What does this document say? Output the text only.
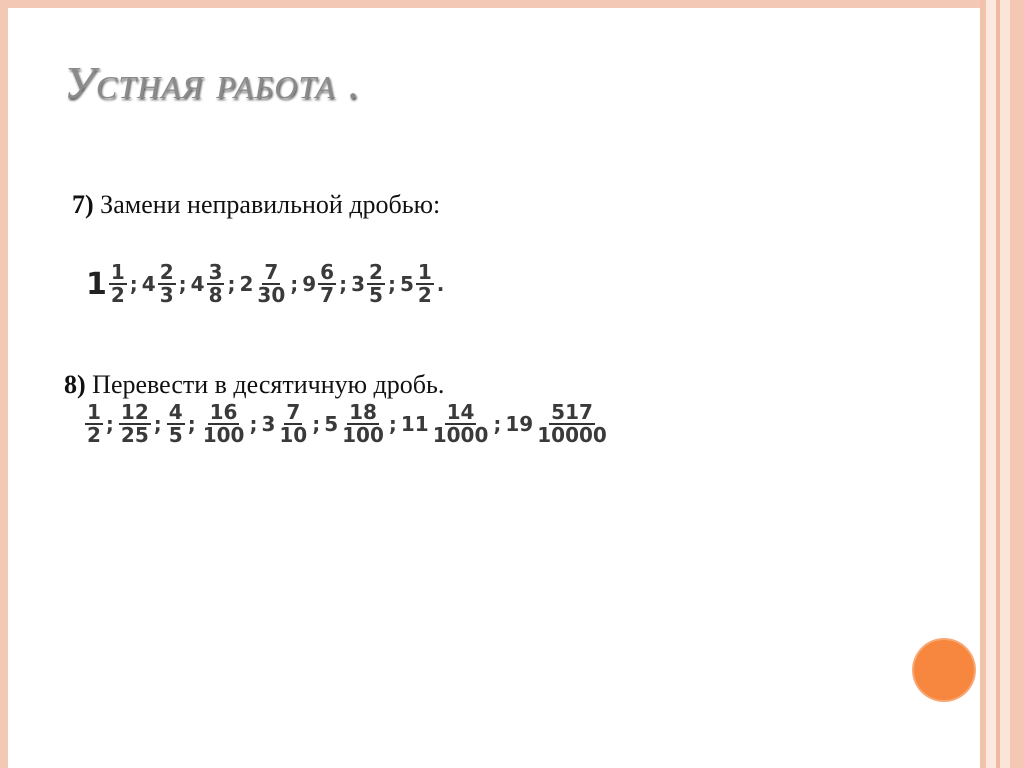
Устная работа .
7) Замени неправильной дробью:
$1 \frac{1}{2}$ ; $4 \frac{2}{3}$ ; $4 \frac{3}{8}$ ; $2 \frac{7}{30}$ ; $9 \frac{6}{7}$ ; $3 \frac{2}{5}$ ; $5 \frac{1}{2}$ .
8) Перевести в десятичную дробь.
$\frac{1}{2}$ ; $\frac{12}{25}$ ; $\frac{4}{5}$ ; $\frac{16}{100}$ ; $3 \frac{7}{10}$ ; $5 \frac{18}{100}$ ; $11 \frac{14}{1000}$ ; $19 \frac{517}{10000}$
